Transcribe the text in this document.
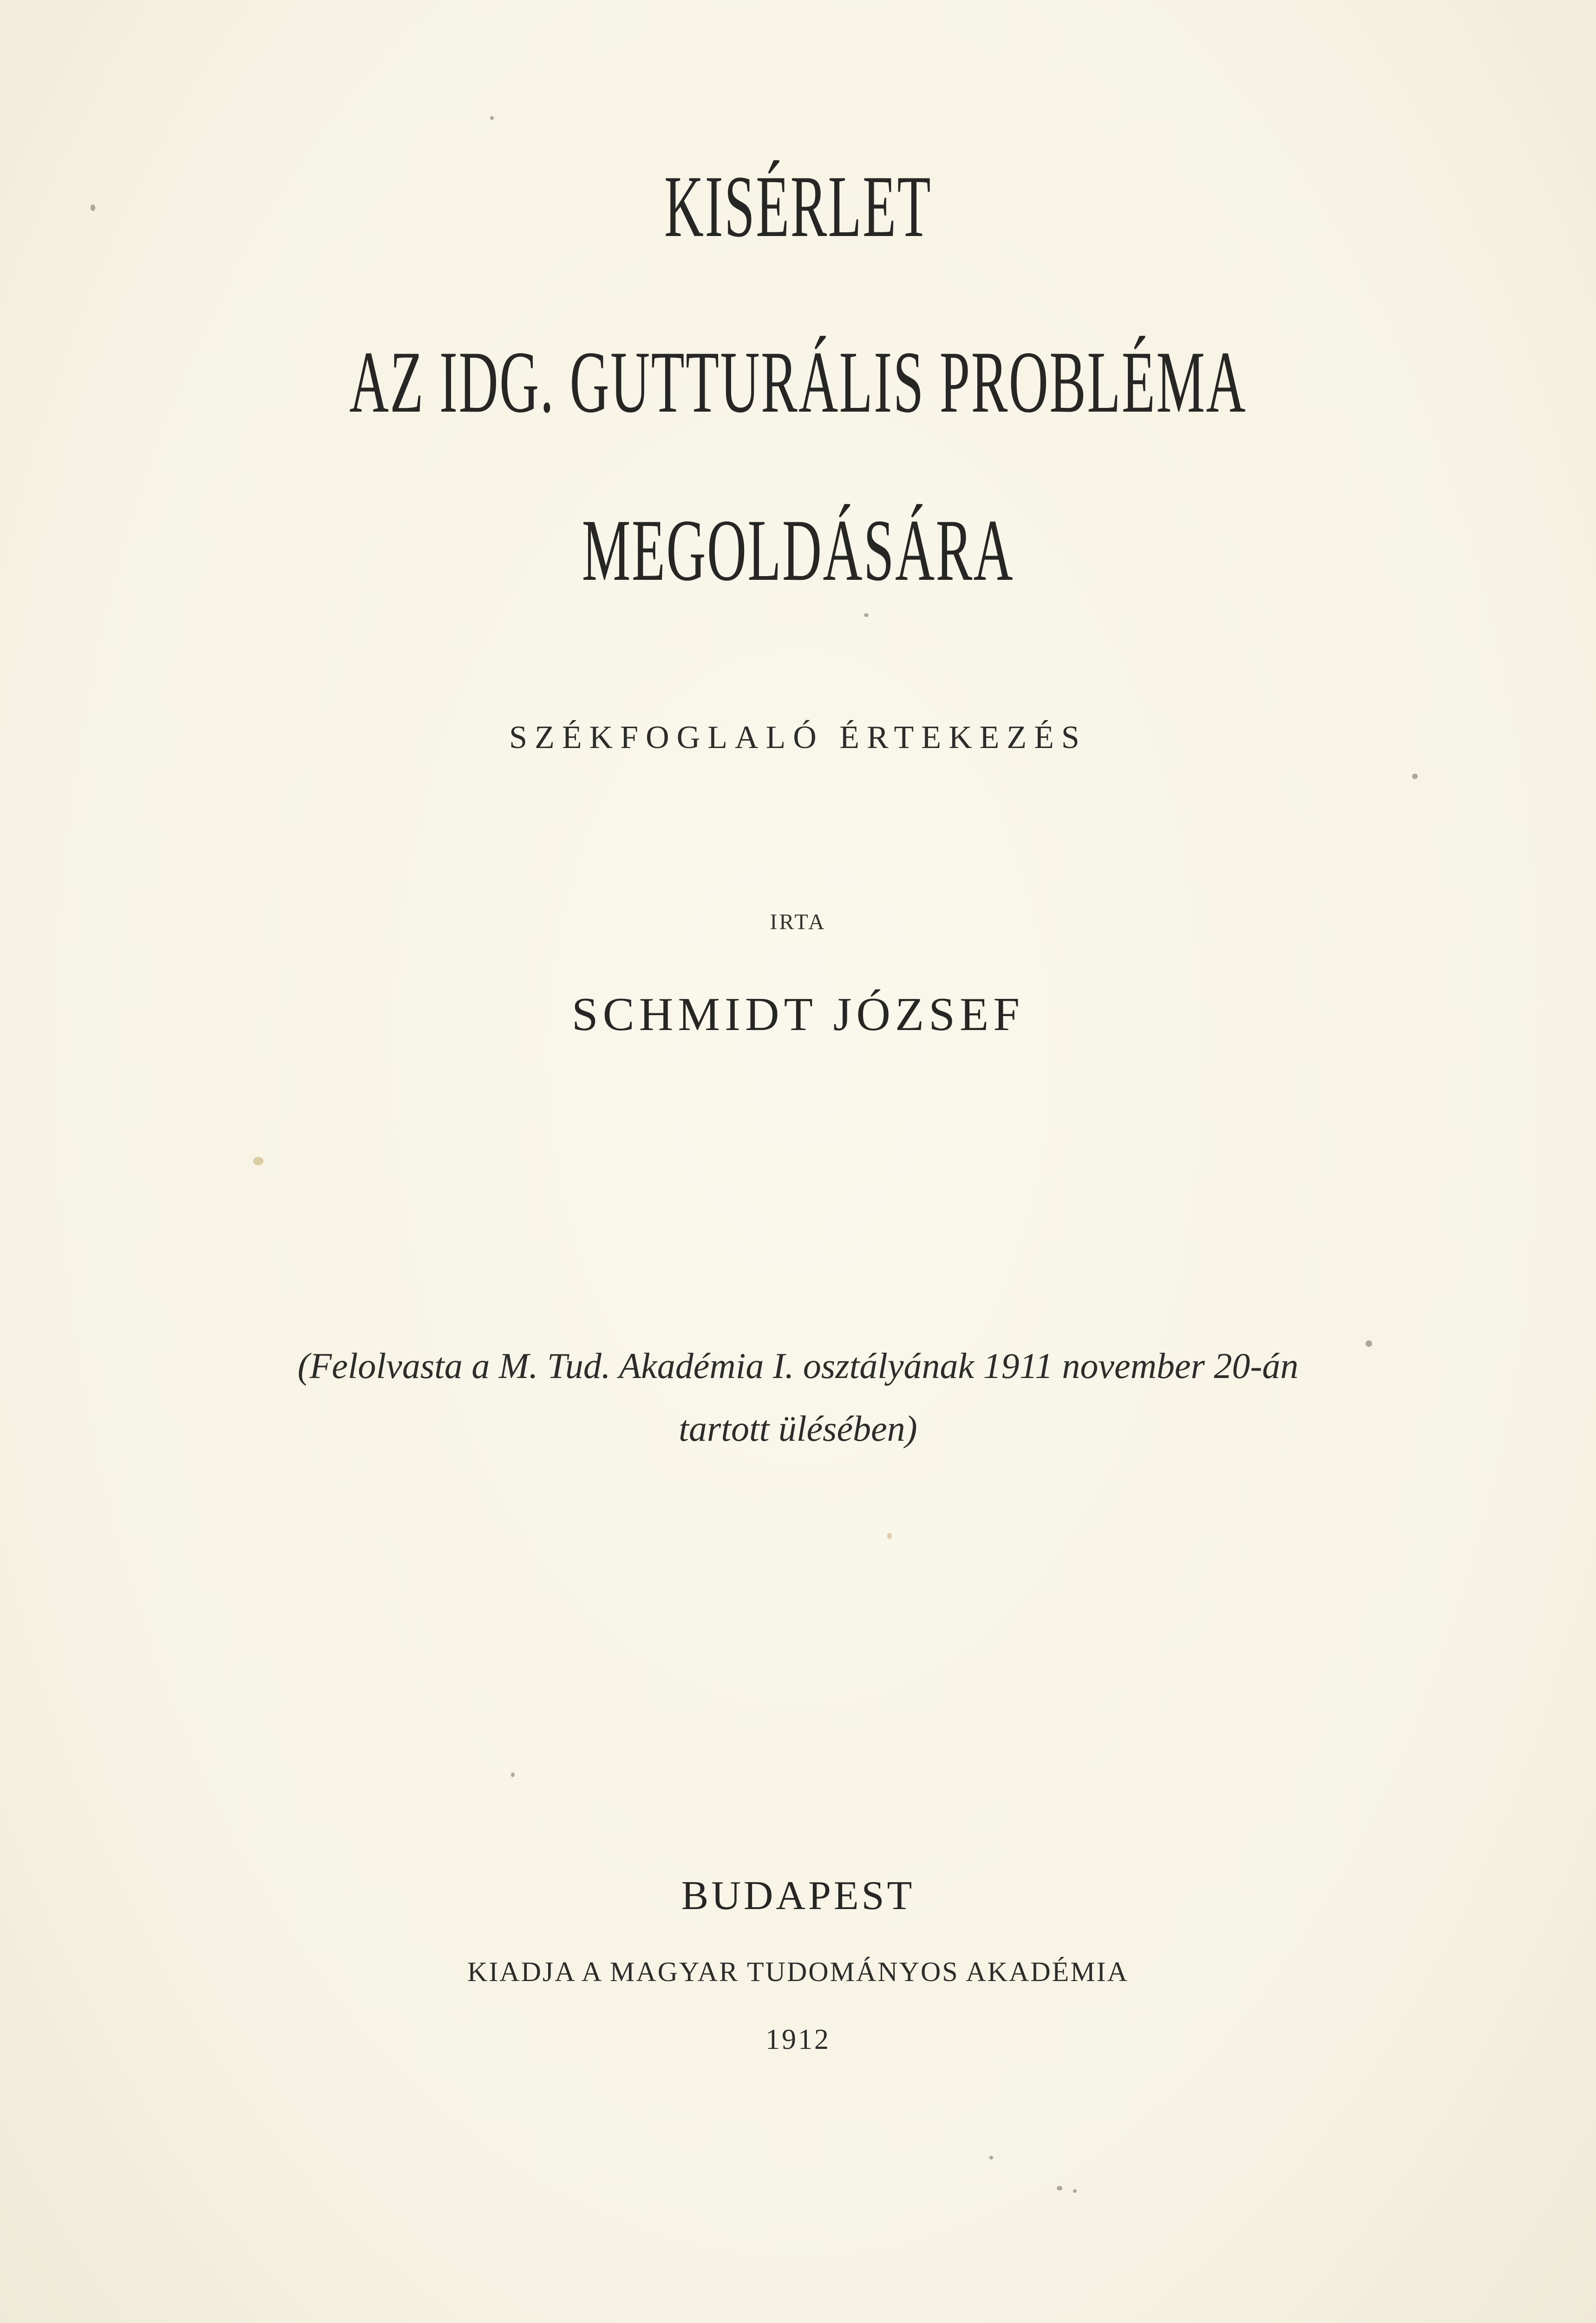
KISÉRLET
AZ IDG. GUTTURÁLIS PROBLÉMA
MEGOLDÁSÁRA
SZÉKFOGLALÓ ÉRTEKEZÉS
IRTA
SCHMIDT JÓZSEF
(Felolvasta a M. Tud. Akadémia I. osztályának 1911 november 20-án
tartott ülésében)
BUDAPEST
KIADJA A MAGYAR TUDOMÁNYOS AKADÉMIA
1912
